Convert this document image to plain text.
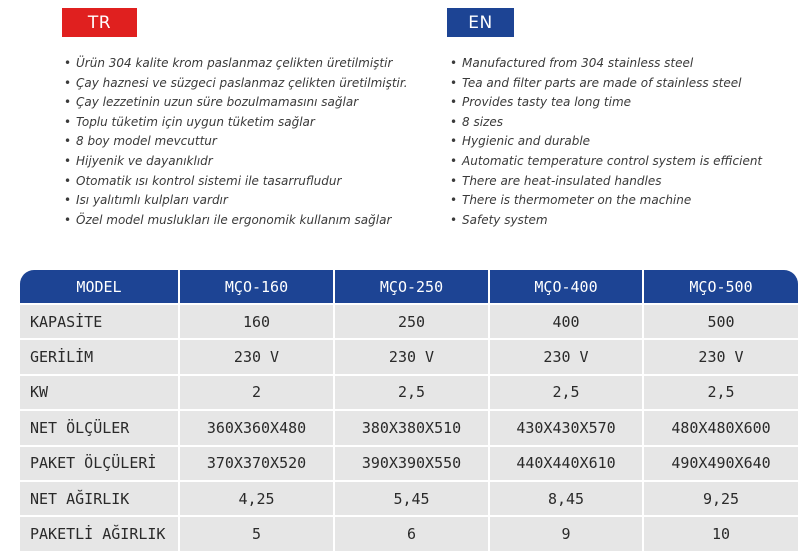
TR	EN
• Ürün 304 kalite krom paslanmaz çelikten üretilmiştir
• Çay haznesi ve süzgeci paslanmaz çelikten üretilmiştir.
• Çay lezzetinin uzun süre bozulmamasını sağlar
• Toplu tüketim için uygun tüketim sağlar
• 8 boy model mevcuttur
• Hijyenik ve dayanıklıdr
• Otomatik ısı kontrol sistemi ile tasarrufludur
• Isı yalıtımlı kulpları vardır
• Özel model muslukları ile ergonomik kullanım sağlar
• Manufactured from 304 stainless steel
• Tea and filter parts are made of stainless steel
• Provides tasty tea long time
• 8 sizes
• Hygienic and durable
• Automatic temperature control system is efficient
• There are heat-insulated handles
• There is thermometer on the machine
• Safety system
MODEL	MÇO-160	MÇO-250	MÇO-400	MÇO-500
KAPASİTE	160	250	400	500
GERİLİM	230 V	230 V	230 V	230 V
KW	2	2,5	2,5	2,5
NET ÖLÇÜLER	360X360X480	380X380X510	430X430X570	480X480X600
PAKET ÖLÇÜLERİ	370X370X520	390X390X550	440X440X610	490X490X640
NET AĞIRLIK	4,25	5,45	8,45	9,25
PAKETLİ AĞIRLIK	5	6	9	10
